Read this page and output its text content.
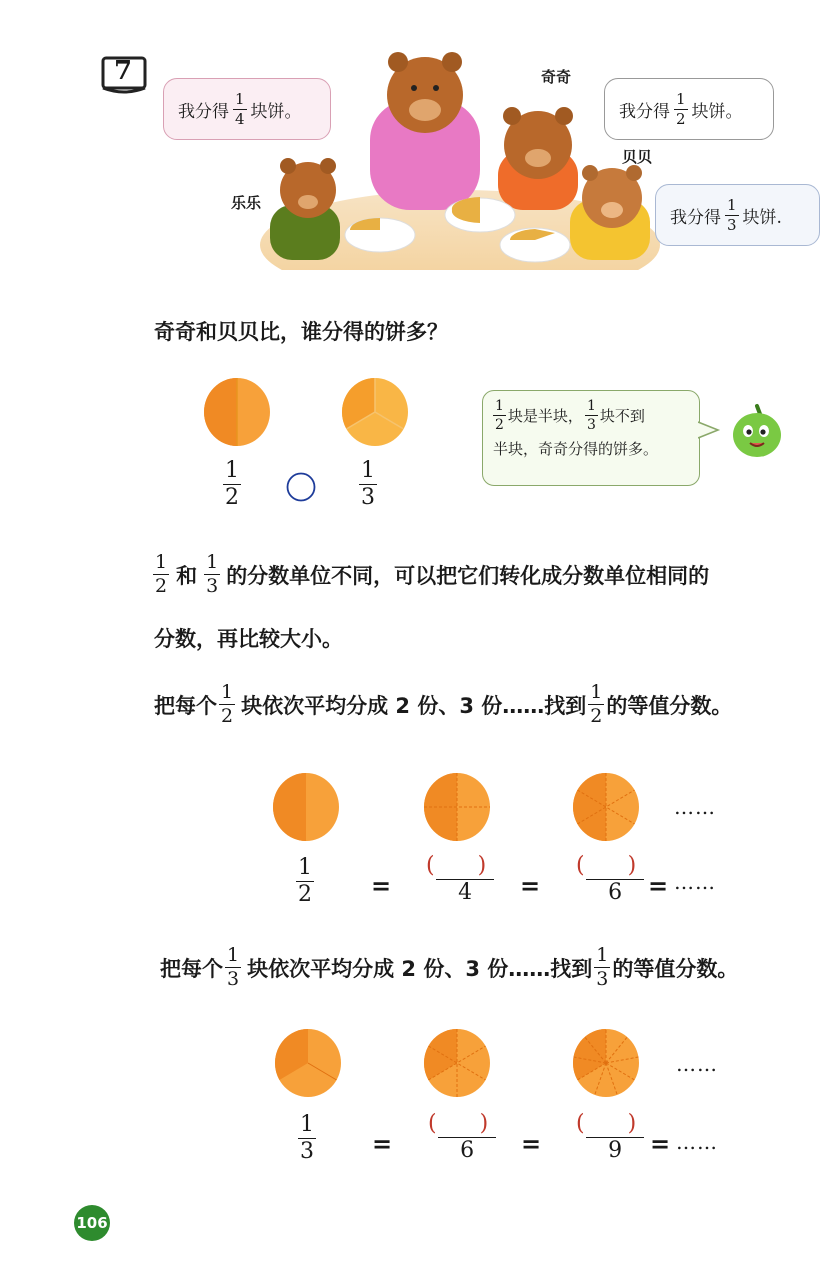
7	奇奇
贝贝
乐乐
我分得 $\frac{1}{4}$ 块饼。	我分得 $\frac{1}{2}$ 块饼。
我分得 $\frac{1}{3}$ 块饼.
奇奇和贝贝比，谁分得的饼多？
1
2
1
3
$\frac{1}{2}$ 块是半块， $\frac{1}{3}$ 块不到
半块，奇奇分得的饼多。
$\frac{1}{2}$ 和 $\frac{1}{3}$ 的分数单位不同，可以把它们转化成分数单位相同的
分数，再比较大小。
把每个 $\frac{1}{2}$ 块依次平均分成 2 份、3 份……找到 $\frac{1}{2}$ 的等值分数。
……
1
2 =
( )
4 =
( )
6 = ……
把每个 $\frac{1}{3}$ 块依次平均分成 2 份、3 份……找到 $\frac{1}{3}$ 的等值分数。
……
1
3 =
( )
6 =
( )
9 = ……
106
